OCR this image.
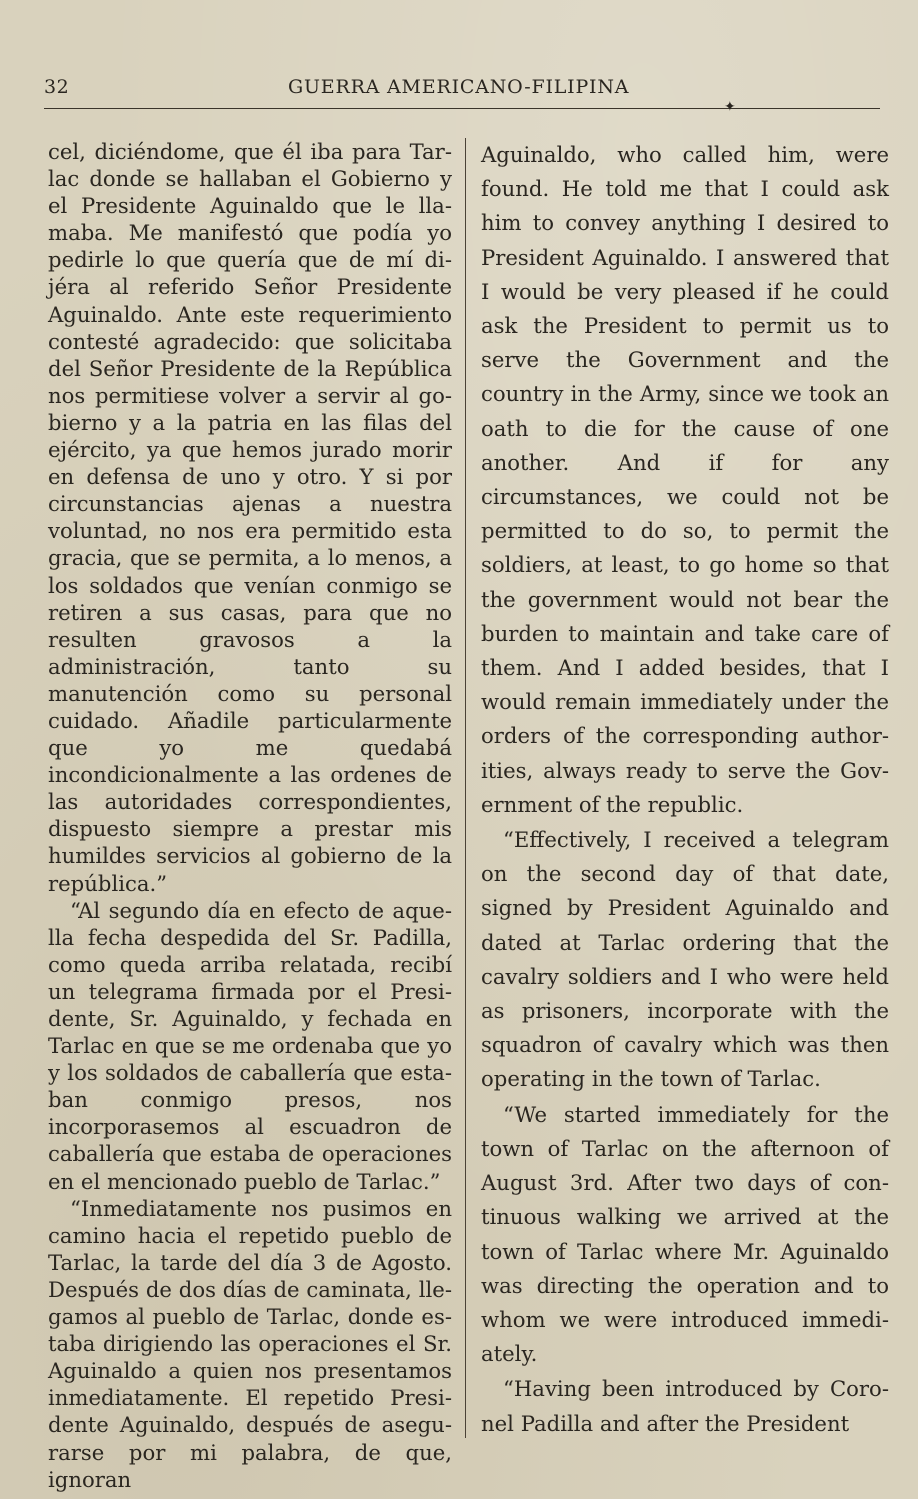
32	GUERRA AMERICANO-FILIPINA
✦

cel, diciéndome, que él iba para Tarlac donde se hallaban el Gobierno y el Presidente Aguinaldo que le llamaba. Me manifestó que podía yo pedirle lo que quería que de mí dijéra al referido Señor Presidente Aguinaldo. Ante este requerimiento contesté agradecido: que solicitaba del Señor Presidente de la República nos permitiese volver a servir al gobierno y a la patria en las filas del ejército, ya que hemos jurado morir en defensa de uno y otro. Y si por circunstancias ajenas a nuestra voluntad, no nos era permitido esta gracia, que se permita, a lo menos, a los soldados que venían conmigo se retiren a sus casas, para que no resulten gravosos a la administración, tanto su manutención como su personal cuidado. Añadile particularmente que yo me quedabá incondicionalmente a las ordenes de las autoridades correspondientes, dispuesto siempre a prestar mis humildes servicios al gobierno de la república.”

“Al segundo día en efecto de aquella fecha despedida del Sr. Padilla, como queda arriba relatada, recibí un telegrama firmada por el Presidente, Sr. Aguinaldo, y fechada en Tarlac en que se me ordenaba que yo y los soldados de caballería que estaban conmigo presos, nos incorporasemos al escuadron de caballería que estaba de operaciones en el mencionado pueblo de Tarlac.”

“Inmediatamente nos pusimos en camino hacia el repetido pueblo de Tarlac, la tarde del día 3 de Agosto. Después de dos días de caminata, llegamos al pueblo de Tarlac, donde estaba dirigiendo las operaciones el Sr. Aguinaldo a quien nos presentamos inmediatamente. El repetido Presidente Aguinaldo, después de asegurarse por mi palabra, de que, ignoran

Aguinaldo, who called him, were found. He told me that I could ask him to convey anything I desired to President Aguinaldo. I answered that I would be very pleased if he could ask the President to permit us to serve the Government and the country in the Army, since we took an oath to die for the cause of one another. And if for any circumstances, we could not be permitted to do so, to permit the soldiers, at least, to go home so that the government would not bear the burden to maintain and take care of them. And I added besides, that I would remain immediately under the orders of the corresponding authorities, always ready to serve the Government of the republic.

“Effectively, I received a telegram on the second day of that date, signed by President Aguinaldo and dated at Tarlac ordering that the cavalry soldiers and I who were held as prisoners, incorporate with the squadron of cavalry which was then operating in the town of Tarlac.

“We started immediately for the town of Tarlac on the afternoon of August 3rd. After two days of continuous walking we arrived at the town of Tarlac where Mr. Aguinaldo was directing the operation and to whom we were introduced immediately.

“Having been introduced by Coronel Padilla and after the President
